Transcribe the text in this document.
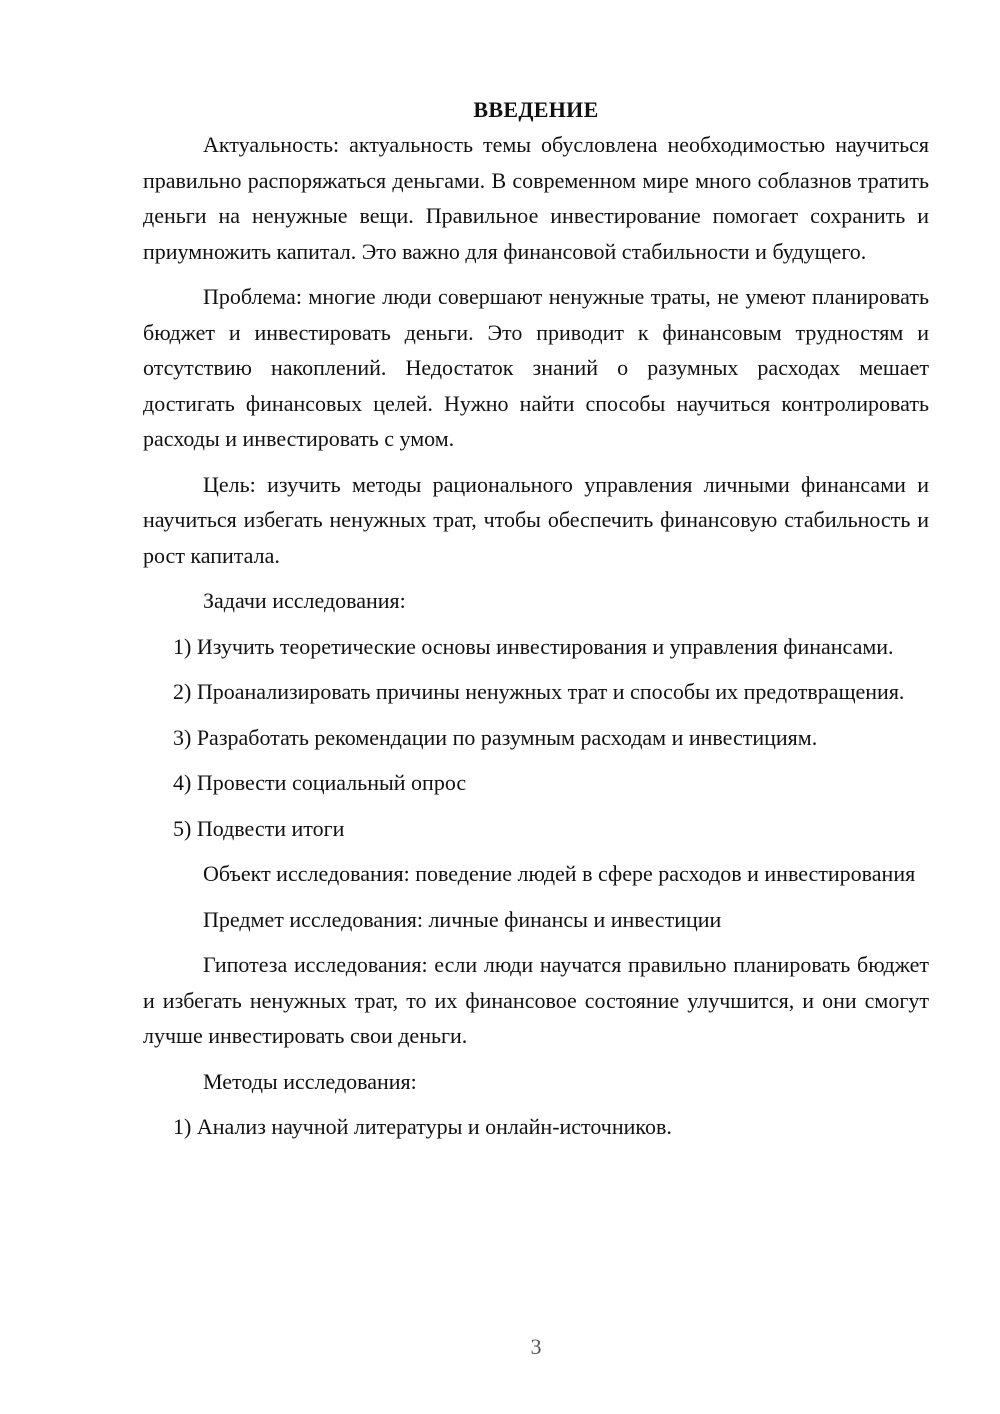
ВВЕДЕНИЕ

Актуальность: актуальность темы обусловлена необходимостью научиться правильно распоряжаться деньгами. В современном мире много соблазнов тратить деньги на ненужные вещи. Правильное инвестирование помогает сохранить и приумножить капитал. Это важно для финансовой стабильности и будущего.

Проблема: многие люди совершают ненужные траты, не умеют планировать бюджет и инвестировать деньги. Это приводит к финансовым трудностям и отсутствию накоплений. Недостаток знаний о разумных расходах мешает достигать финансовых целей. Нужно найти способы научиться контролировать расходы и инвестировать с умом.

Цель: изучить методы рационального управления личными финансами и научиться избегать ненужных трат, чтобы обеспечить финансовую стабильность и рост капитала.

Задачи исследования:

1) Изучить теоретические основы инвестирования и управления финансами.

2) Проанализировать причины ненужных трат и способы их предотвращения.

3) Разработать рекомендации по разумным расходам и инвестициям.

4) Провести социальный опрос

5) Подвести итоги

Объект исследования: поведение людей в сфере расходов и инвестирования

Предмет исследования: личные финансы и инвестиции

Гипотеза исследования: если люди научатся правильно планировать бюджет и избегать ненужных трат, то их финансовое состояние улучшится, и они смогут лучше инвестировать свои деньги.

Методы исследования:

1) Анализ научной литературы и онлайн-источников.

3
